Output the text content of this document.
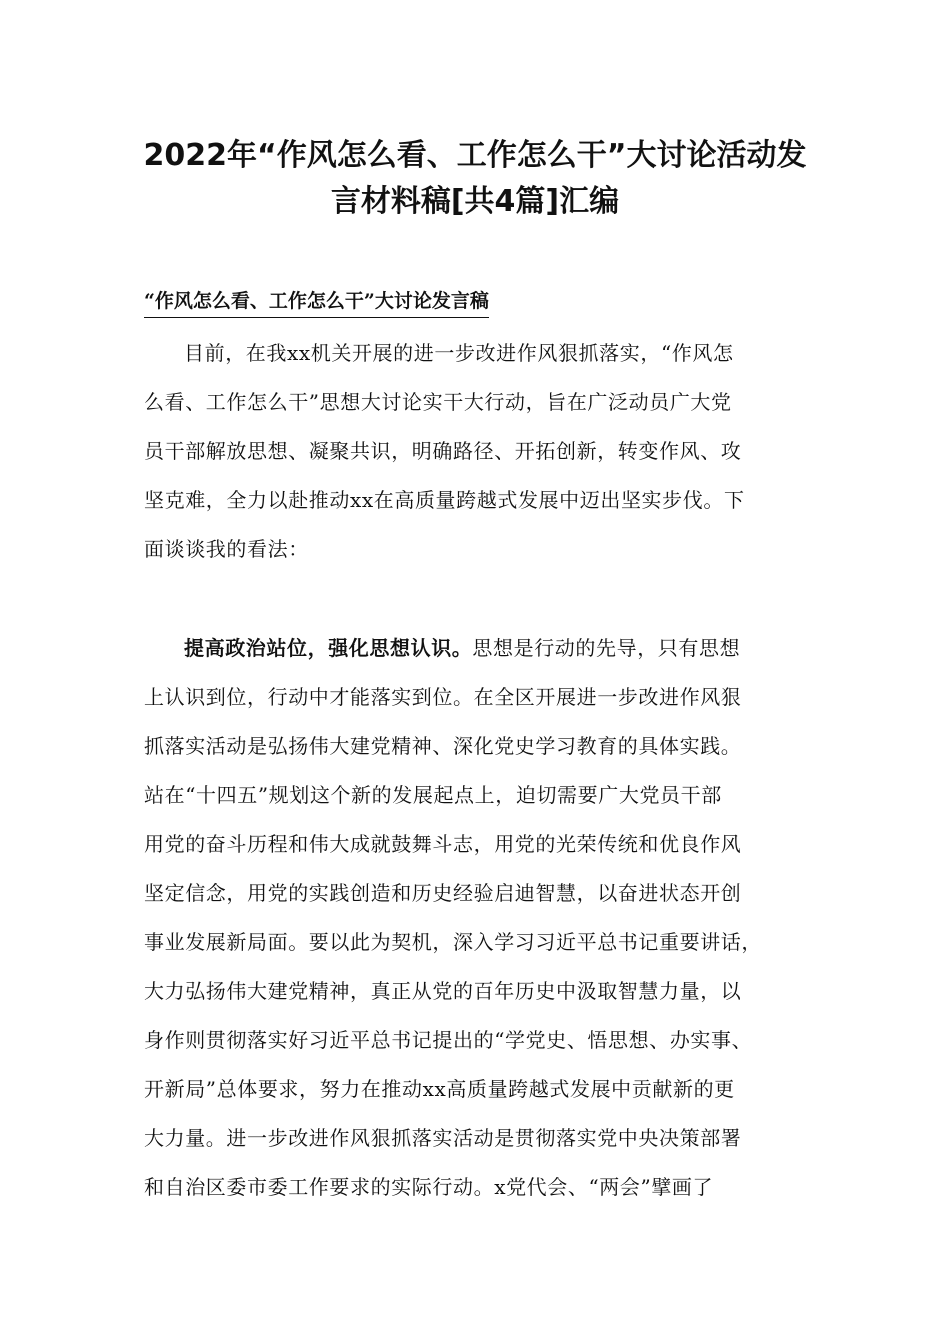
2022年“作风怎么看、工作怎么干”大讨论活动发
言材料稿[共4篇]汇编
“作风怎么看、工作怎么干”大讨论发言稿
目前，在我xx机关开展的进一步改进作风狠抓落实，“作风怎
么看、工作怎么干”思想大讨论实干大行动，旨在广泛动员广大党
员干部解放思想、凝聚共识，明确路径、开拓创新，转变作风、攻
坚克难，全力以赴推动xx在高质量跨越式发展中迈出坚实步伐。下
面谈谈我的看法：
提高政治站位，强化思想认识。思想是行动的先导，只有思想
上认识到位，行动中才能落实到位。在全区开展进一步改进作风狠
抓落实活动是弘扬伟大建党精神、深化党史学习教育的具体实践。
站在“十四五”规划这个新的发展起点上，迫切需要广大党员干部
用党的奋斗历程和伟大成就鼓舞斗志，用党的光荣传统和优良作风
坚定信念，用党的实践创造和历史经验启迪智慧，以奋进状态开创
事业发展新局面。要以此为契机，深入学习习近平总书记重要讲话，
大力弘扬伟大建党精神，真正从党的百年历史中汲取智慧力量，以
身作则贯彻落实好习近平总书记提出的“学党史、悟思想、办实事、
开新局”总体要求，努力在推动xx高质量跨越式发展中贡献新的更
大力量。进一步改进作风狠抓落实活动是贯彻落实党中央决策部署
和自治区委市委工作要求的实际行动。x党代会、“两会”擘画了
